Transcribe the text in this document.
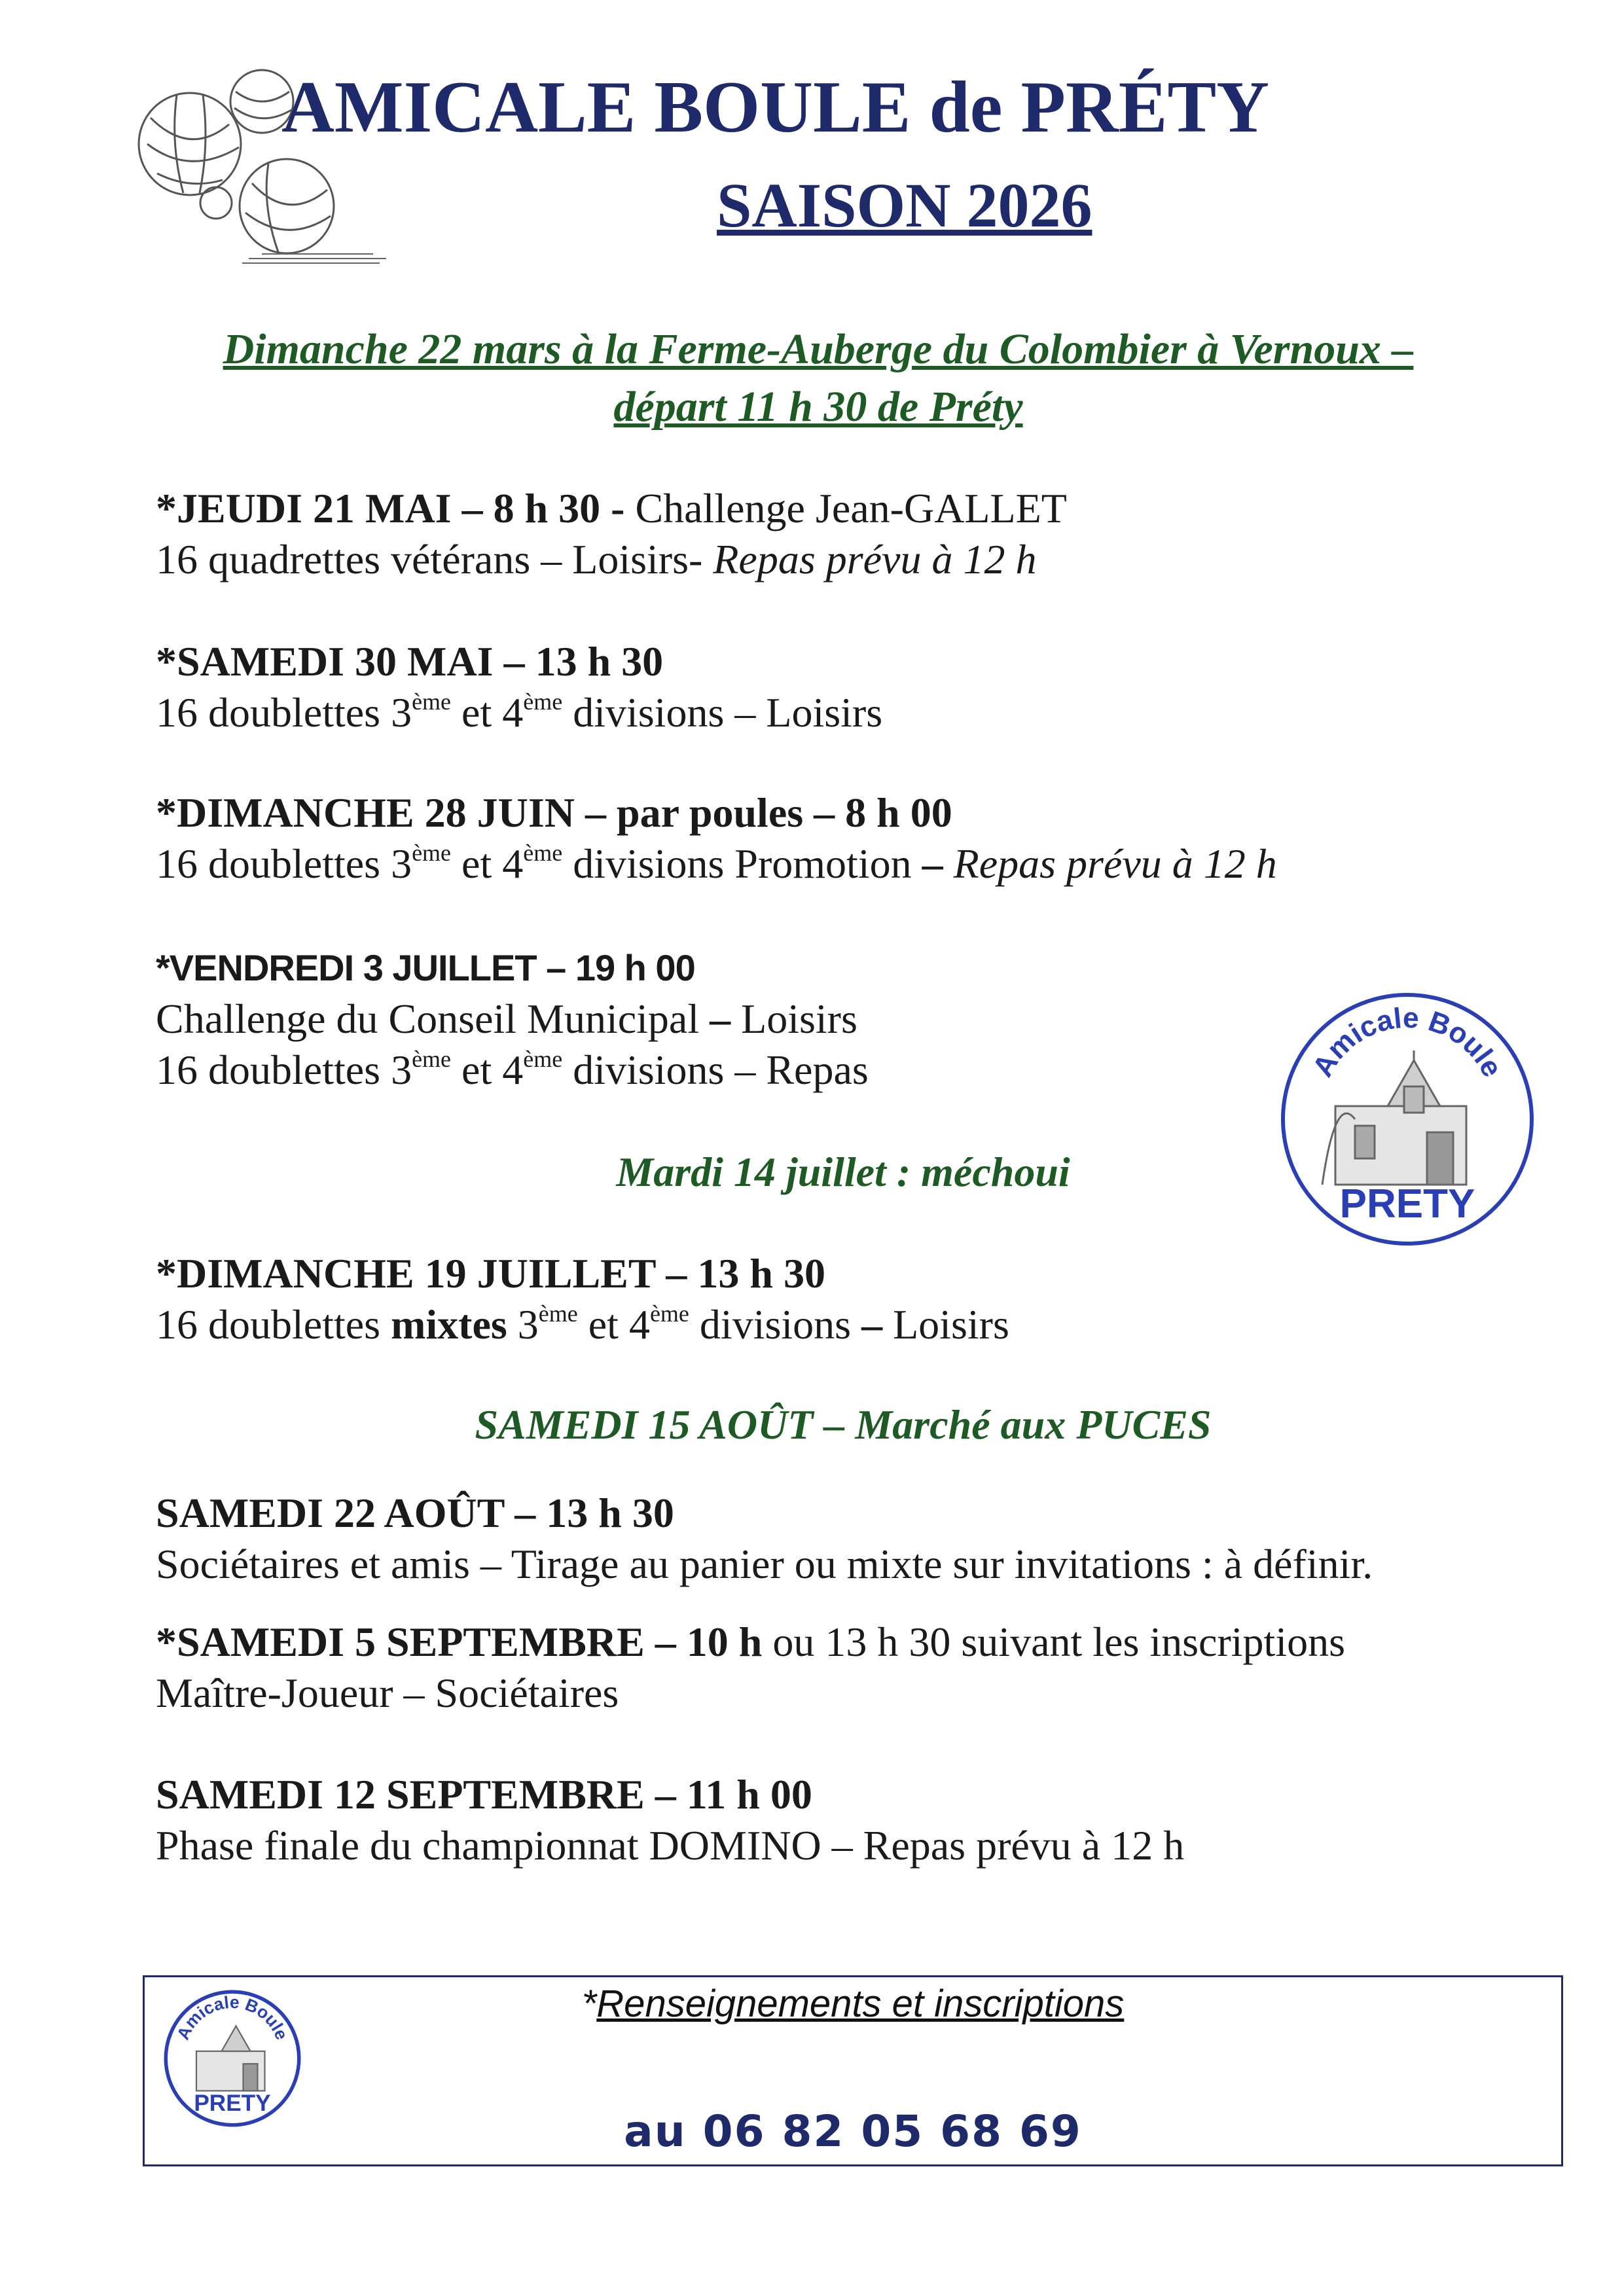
AMICALE BOULE de PRÉTY
SAISON 2026
Dimanche 22 mars à la Ferme-Auberge du Colombier à Vernoux –
départ 11 h 30 de Préty
*JEUDI 21 MAI – 8 h 30 - Challenge Jean-GALLET
16 quadrettes vétérans – Loisirs- Repas prévu à 12 h
*SAMEDI 30 MAI – 13 h 30
16 doublettes 3ème et 4ème divisions – Loisirs
*DIMANCHE 28 JUIN – par poules – 8 h 00
16 doublettes 3ème et 4ème divisions Promotion – Repas prévu à 12 h
*VENDREDI 3 JUILLET – 19 h 00
Challenge du Conseil Municipal – Loisirs
16 doublettes 3ème et 4ème divisions – Repas
Mardi 14 juillet : méchoui
*DIMANCHE 19 JUILLET – 13 h 30
16 doublettes mixtes 3ème et 4ème divisions – Loisirs
SAMEDI 15 AOÛT – Marché aux PUCES
SAMEDI 22 AOÛT – 13 h 30
Sociétaires et amis – Tirage au panier ou mixte sur invitations : à définir.
*SAMEDI 5 SEPTEMBRE – 10 h ou 13 h 30 suivant les inscriptions
Maître-Joueur – Sociétaires
SAMEDI 12 SEPTEMBRE – 11 h 00
Phase finale du championnat DOMINO – Repas prévu à 12 h
Amicale Boule
PRETY
Amicale Boule
PRETY
*Renseignements et inscriptions
au 06 82 05 68 69
